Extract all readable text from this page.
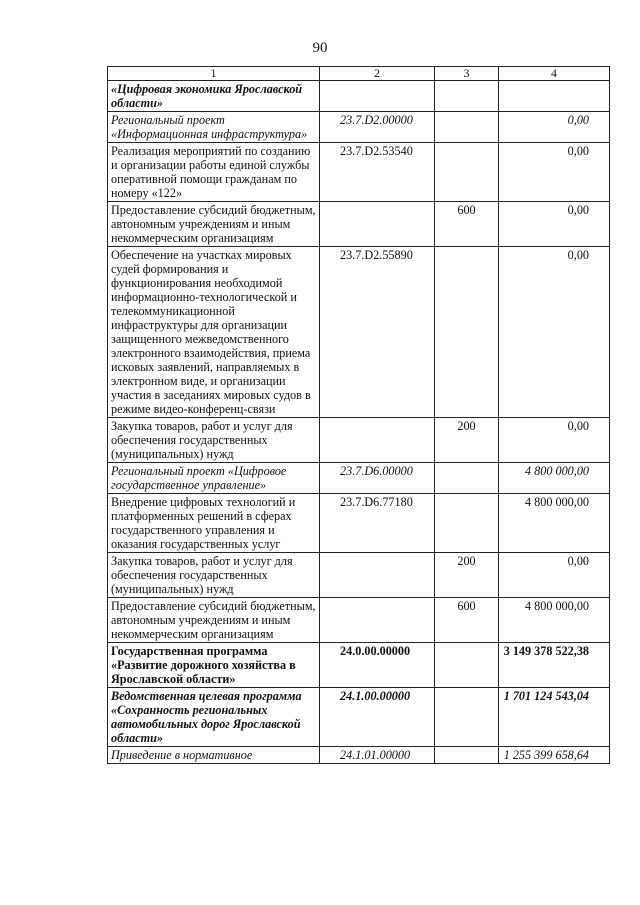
90
1	2	3	4
«Цифровая экономика Ярославской области»			
Региональный проект «Информационная инфраструктура»	23.7.D2.00000		0,00
Реализация мероприятий по созданию и организации работы единой службы оперативной помощи гражданам по номеру «122»	23.7.D2.53540		0,00
Предоставление субсидий бюджетным, автономным учреждениям и иным некоммерческим организациям		600	0,00
Обеспечение на участках мировых судей формирования и функционирования необходимой информационно-технологической и телекоммуникационной инфраструктуры для организации защищенного межведомственного электронного взаимодействия, приема исковых заявлений, направляемых в электронном виде, и организации участия в заседаниях мировых судов в режиме видео-конференц-связи	23.7.D2.55890		0,00
Закупка товаров, работ и услуг для обеспечения государственных (муниципальных) нужд		200	0,00
Региональный проект «Цифровое государственное управление»	23.7.D6.00000		4 800 000,00
Внедрение цифровых технологий и платформенных решений в сферах государственного управления и оказания государственных услуг	23.7.D6.77180		4 800 000,00
Закупка товаров, работ и услуг для обеспечения государственных (муниципальных) нужд		200	0,00
Предоставление субсидий бюджетным, автономным учреждениям и иным некоммерческим организациям		600	4 800 000,00
Государственная программа «Развитие дорожного хозяйства в Ярославской области»	24.0.00.00000		3 149 378 522,38
Ведомственная целевая программа «Сохранность региональных автомобильных дорог Ярославской области»	24.1.00.00000		1 701 124 543,04
Приведение в нормативное	24.1.01.00000		1 255 399 658,64
